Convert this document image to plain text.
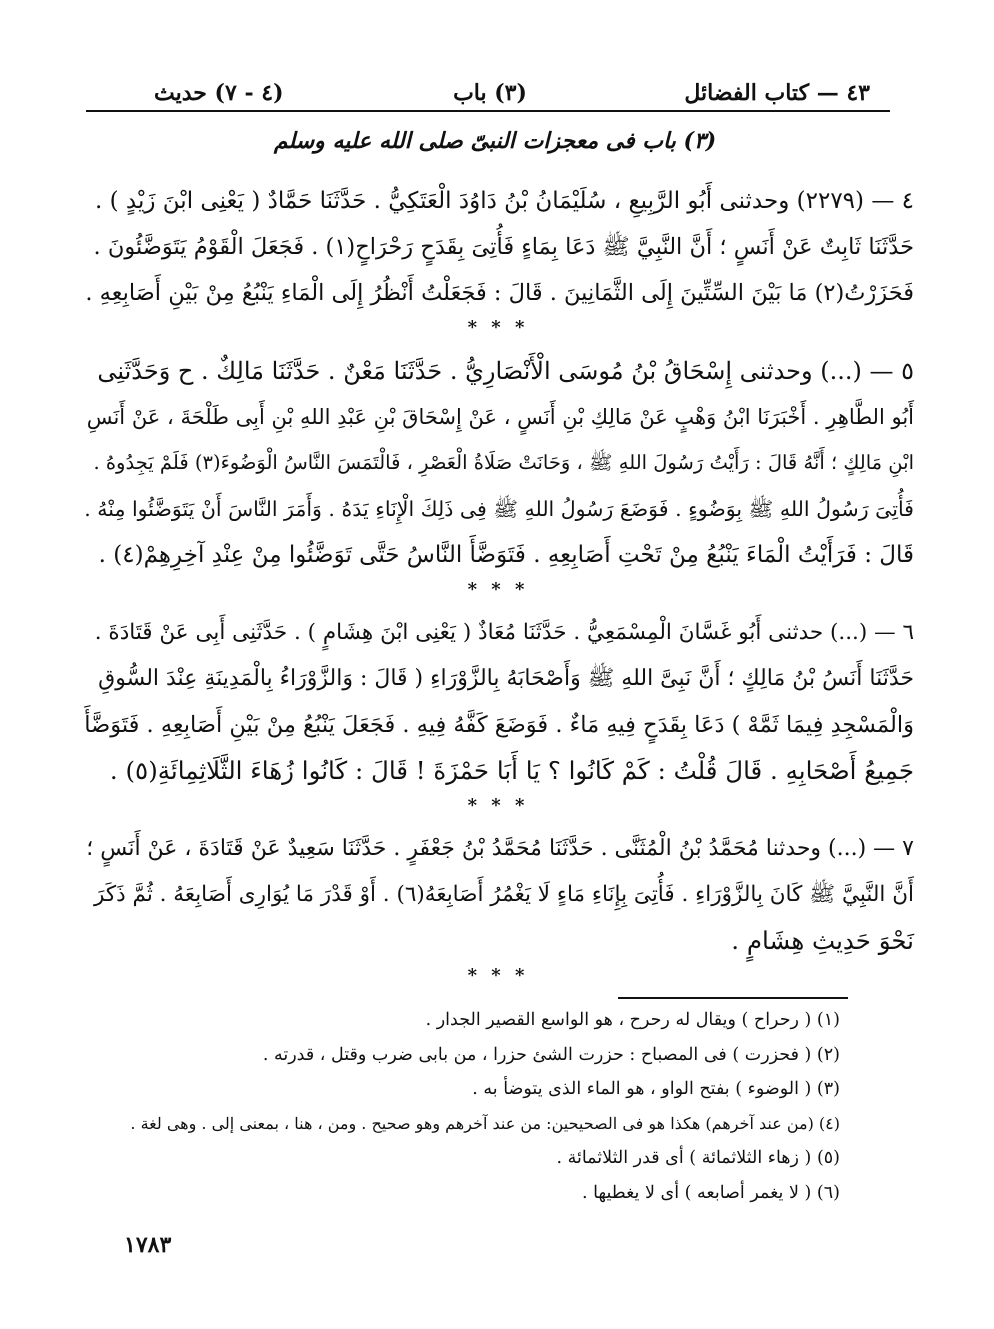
٤٣ — كتاب الفضائل
(٣) باب
(٤ - ٧) حديث
(٣) باب فى معجزات النبىّ صلى الله عليه وسلم
٤ — (٢٢٧٩) وحدثنى أَبُو الرَّبِيعِ ، سُلَيْمَانُ بْنُ دَاوُدَ الْعَتَكِيُّ . حَدَّثَنَا حَمَّادٌ ( يَعْنِى ابْنَ زَيْدٍ ) .
حَدَّثَنَا ثَابِتٌ عَنْ أَنَسٍ ؛ أَنَّ النَّبِيَّ ﷺ دَعَا بِمَاءٍ فَأُتِىَ بِقَدَحٍ رَحْرَاحٍ(١) . فَجَعَلَ الْقَوْمُ يَتَوَضَّئُونَ .
فَحَزَرْتُ(٢) مَا بَيْنَ السِّتِّينَ إِلَى الثَّمَانِينَ . قَالَ : فَجَعَلْتُ أَنْظُرُ إِلَى الْمَاءِ يَنْبُعُ مِنْ بَيْنِ أَصَابِعِهِ .
* * *
٥ — (...) وحدثنى إِسْحَاقُ بْنُ مُوسَى الْأَنْصَارِيُّ . حَدَّثَنَا مَعْنٌ . حَدَّثَنَا مَالِكٌ . ح وَحَدَّثَنِى
أَبُو الطَّاهِرِ . أَخْبَرَنَا ابْنُ وَهْبٍ عَنْ مَالِكِ بْنِ أَنَسٍ ، عَنْ إِسْحَاقَ بْنِ عَبْدِ اللهِ بْنِ أَبِى طَلْحَةَ ، عَنْ أَنَسِ
ابْنِ مَالِكٍ ؛ أَنَّهُ قَالَ : رَأَيْتُ رَسُولَ اللهِ ﷺ ، وَحَانَتْ صَلَاةُ الْعَصْرِ ، فَالْتَمَسَ النَّاسُ الْوَضُوءَ(٣) فَلَمْ يَجِدُوهُ .
فَأُتِىَ رَسُولُ اللهِ ﷺ بِوَضُوءٍ . فَوَضَعَ رَسُولُ اللهِ ﷺ فِى ذَلِكَ الْإِنَاءِ يَدَهُ . وَأَمَرَ النَّاسَ أَنْ يَتَوَضَّئُوا مِنْهُ .
قَالَ : فَرَأَيْتُ الْمَاءَ يَنْبُعُ مِنْ تَحْتِ أَصَابِعِهِ . فَتَوَضَّأَ النَّاسُ حَتَّى تَوَضَّئُوا مِنْ عِنْدِ آخِرِهِمْ(٤) .
* * *
٦ — (...) حدثنى أَبُو غَسَّانَ الْمِسْمَعِيُّ . حَدَّثَنَا مُعَاذٌ ( يَعْنِى ابْنَ هِشَامٍ ) . حَدَّثَنِى أَبِى عَنْ قَتَادَةَ .
حَدَّثَنَا أَنَسُ بْنُ مَالِكٍ ؛ أَنَّ نَبِىَّ اللهِ ﷺ وَأَصْحَابَهُ بِالزَّوْرَاءِ ( قَالَ : وَالزَّوْرَاءُ بِالْمَدِينَةِ عِنْدَ السُّوقِ
وَالْمَسْجِدِ فِيمَا ثَمَّهْ ) دَعَا بِقَدَحٍ فِيهِ مَاءٌ . فَوَضَعَ كَفَّهُ فِيهِ . فَجَعَلَ يَنْبُعُ مِنْ بَيْنِ أَصَابِعِهِ . فَتَوَضَّأَ
جَمِيعُ أَصْحَابِهِ . قَالَ قُلْتُ : كَمْ كَانُوا ؟ يَا أَبَا حَمْزَةَ ! قَالَ : كَانُوا زُهَاءَ الثَّلَاثِمِائَةِ(٥) .
* * *
٧ — (...) وحدثنا مُحَمَّدُ بْنُ الْمُثَنَّى . حَدَّثَنَا مُحَمَّدُ بْنُ جَعْفَرٍ . حَدَّثَنَا سَعِيدٌ عَنْ قَتَادَةَ ، عَنْ أَنَسٍ ؛
أَنَّ النَّبِيَّ ﷺ كَانَ بِالزَّوْرَاءِ . فَأُتِىَ بِإِنَاءِ مَاءٍ لَا يَغْمُرُ أَصَابِعَهُ(٦) . أَوْ قَدْرَ مَا يُوَارِى أَصَابِعَهُ . ثُمَّ ذَكَرَ
نَحْوَ حَدِيثِ هِشَامٍ .
* * *
(١) ( رحراح ) ويقال له رحرح ، هو الواسع القصير الجدار .
(٢) ( فحزرت ) فى المصباح : حزرت الشئ حزرا ، من بابى ضرب وقتل ، قدرته .
(٣) ( الوضوء ) بفتح الواو ، هو الماء الذى يتوضأ به .
(٤) (من عند آخرهم) هكذا هو فى الصحيحين: من عند آخرهم وهو صحيح . ومن ، هنا ، بمعنى إلى . وهى لغة .
(٥) ( زهاء الثلاثمائة ) أى قدر الثلاثمائة .
(٦) ( لا يغمر أصابعه ) أى لا يغطيها .
١٧٨٣
